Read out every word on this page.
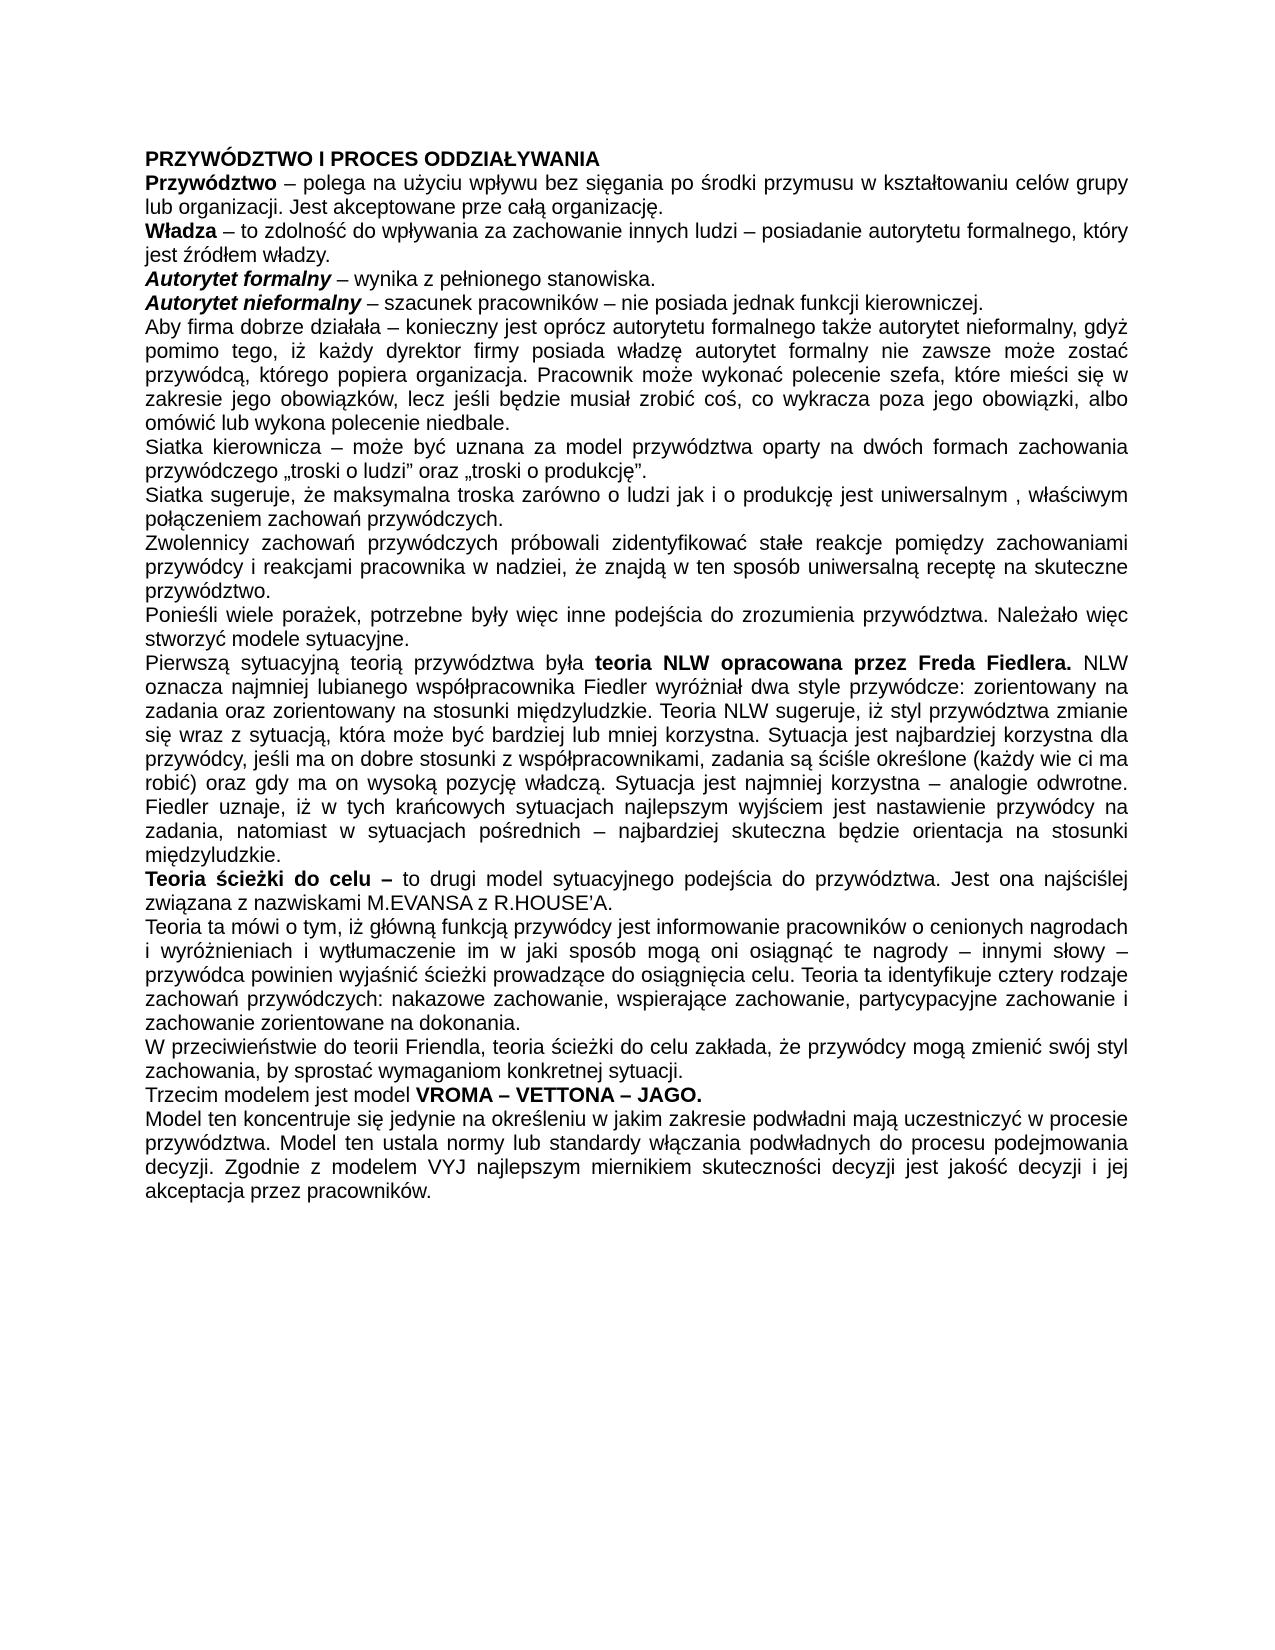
PRZYWÓDZTWO I PROCES ODDZIAŁYWANIA

Przywództwo – polega na użyciu wpływu bez sięgania po środki przymusu w kształtowaniu celów grupy lub organizacji. Jest akceptowane prze całą organizację.

Władza – to zdolność do wpływania za zachowanie innych ludzi – posiadanie autorytetu formalnego, który jest źródłem władzy.

Autorytet formalny – wynika z pełnionego stanowiska.

Autorytet nieformalny – szacunek pracowników – nie posiada jednak funkcji kierowniczej.

Aby firma dobrze działała – konieczny jest oprócz autorytetu formalnego także autorytet nieformalny, gdyż pomimo tego, iż każdy dyrektor firmy posiada władzę autorytet formalny nie zawsze może zostać przywódcą, którego popiera organizacja. Pracownik może wykonać polecenie szefa, które mieści się w zakresie jego obowiązków, lecz jeśli będzie musiał zrobić coś, co wykracza poza jego obowiązki, albo omówić lub wykona polecenie niedbale.

Siatka kierownicza – może być uznana za model przywództwa oparty na dwóch formach zachowania przywódczego „troski o ludzi” oraz „troski o produkcję”.

Siatka sugeruje, że maksymalna troska zarówno o ludzi jak i o produkcję jest uniwersalnym , właściwym połączeniem zachowań przywódczych.

Zwolennicy zachowań przywódczych próbowali zidentyfikować stałe reakcje pomiędzy zachowaniami przywódcy i reakcjami pracownika w nadziei, że znajdą w ten sposób uniwersalną receptę na skuteczne przywództwo.

Ponieśli wiele porażek, potrzebne były więc inne podejścia do zrozumienia przywództwa. Należało więc stworzyć modele sytuacyjne.

Pierwszą sytuacyjną teorią przywództwa była teoria NLW opracowana przez Freda Fiedlera. NLW oznacza najmniej lubianego współpracownika Fiedler wyróżniał dwa style przywódcze: zorientowany na zadania oraz zorientowany na stosunki międzyludzkie. Teoria NLW sugeruje, iż styl przywództwa zmianie się wraz z sytuacją, która może być bardziej lub mniej korzystna. Sytuacja jest najbardziej korzystna dla przywódcy, jeśli ma on dobre stosunki z współpracownikami, zadania są ściśle określone (każdy wie ci ma robić) oraz gdy ma on wysoką pozycję władczą. Sytuacja jest najmniej korzystna – analogie odwrotne. Fiedler uznaje, iż w tych krańcowych sytuacjach najlepszym wyjściem jest nastawienie przywódcy na zadania, natomiast w sytuacjach pośrednich – najbardziej skuteczna będzie orientacja na stosunki międzyludzkie.

Teoria ścieżki do celu – to drugi model sytuacyjnego podejścia do przywództwa. Jest ona najściślej związana z nazwiskami M.EVANSA z R.HOUSE’A.

Teoria ta mówi o tym, iż główną funkcją przywódcy jest informowanie pracowników o cenionych nagrodach i wyróżnieniach i wytłumaczenie im w jaki sposób mogą oni osiągnąć te nagrody – innymi słowy – przywódca powinien wyjaśnić ścieżki prowadzące do osiągnięcia celu. Teoria ta identyfikuje cztery rodzaje zachowań przywódczych: nakazowe zachowanie, wspierające zachowanie, partycypacyjne zachowanie i zachowanie zorientowane na dokonania.

W przeciwieństwie do teorii Friendla, teoria ścieżki do celu zakłada, że przywódcy mogą zmienić swój styl zachowania, by sprostać wymaganiom konkretnej sytuacji.

Trzecim modelem jest model VROMA – VETTONA – JAGO.

Model ten koncentruje się jedynie na określeniu w jakim zakresie podwładni mają uczestniczyć w procesie przywództwa. Model ten ustala normy lub standardy włączania podwładnych do procesu podejmowania decyzji. Zgodnie z modelem VYJ najlepszym miernikiem skuteczności decyzji jest jakość decyzji i jej akceptacja przez pracowników.
